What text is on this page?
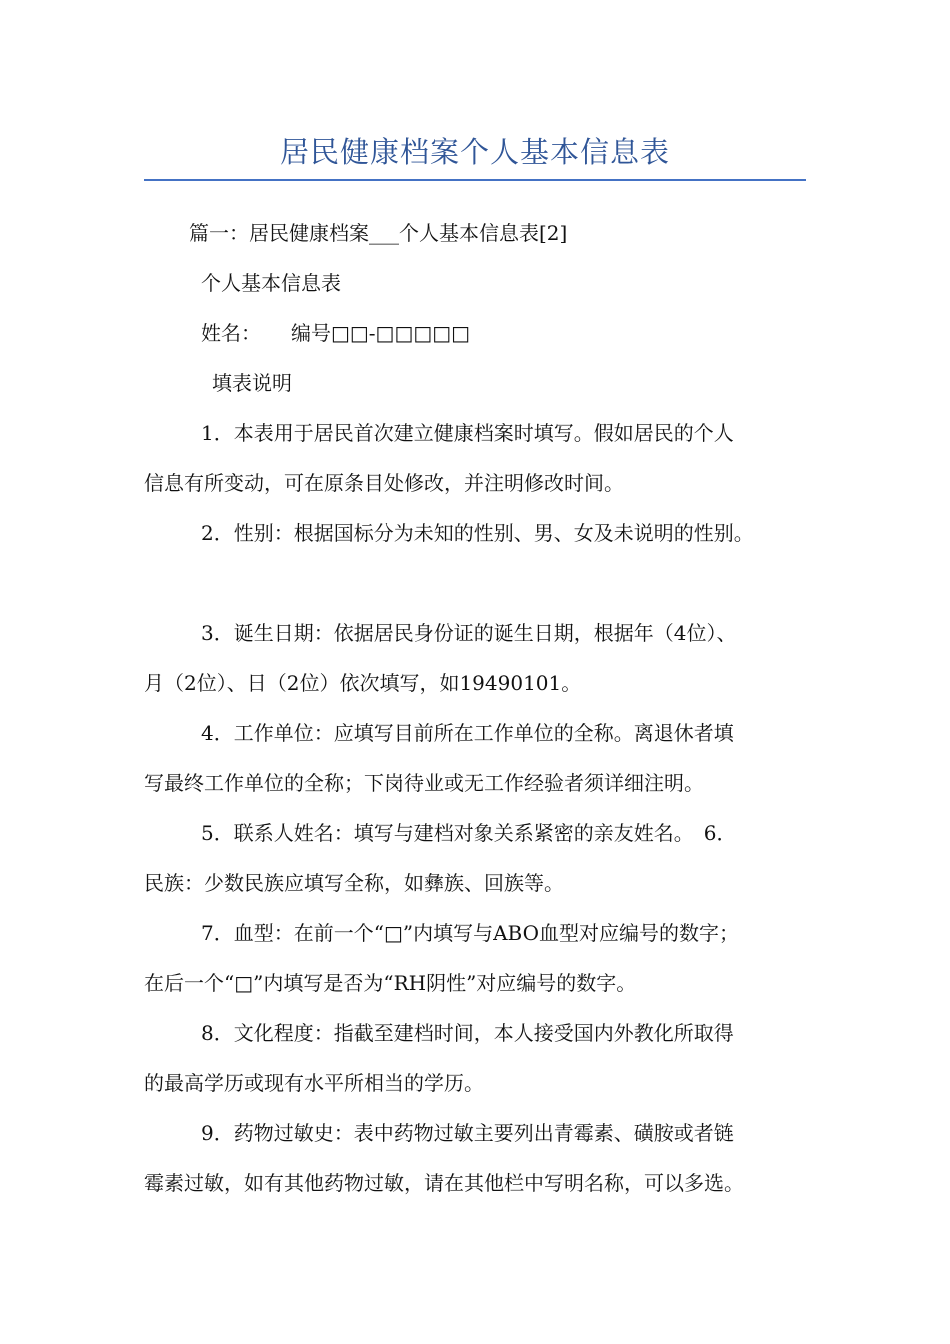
居民健康档案个人基本信息表
篇一：居民健康档案___个人基本信息表[2]
个人基本信息表
姓名： 编号□□-□□□□□
填表说明
1．本表用于居民首次建立健康档案时填写。假如居民的个人
信息有所变动，可在原条目处修改，并注明修改时间。
2．性别：根据国标分为未知的性别、男、女及未说明的性别。
3．诞生日期：依据居民身份证的诞生日期，根据年（4位）、
月（2位）、日（2位）依次填写，如19490101。
4．工作单位：应填写目前所在工作单位的全称。离退休者填
写最终工作单位的全称；下岗待业或无工作经验者须详细注明。
5．联系人姓名：填写与建档对象关系紧密的亲友姓名。　6．
民族：少数民族应填写全称，如彝族、回族等。
7．血型：在前一个“□”内填写与ABO血型对应编号的数字；
在后一个“□”内填写是否为“RH阴性”对应编号的数字。
8．文化程度：指截至建档时间，本人接受国内外教化所取得
的最高学历或现有水平所相当的学历。
9．药物过敏史：表中药物过敏主要列出青霉素、磺胺或者链
霉素过敏，如有其他药物过敏，请在其他栏中写明名称，可以多选。
